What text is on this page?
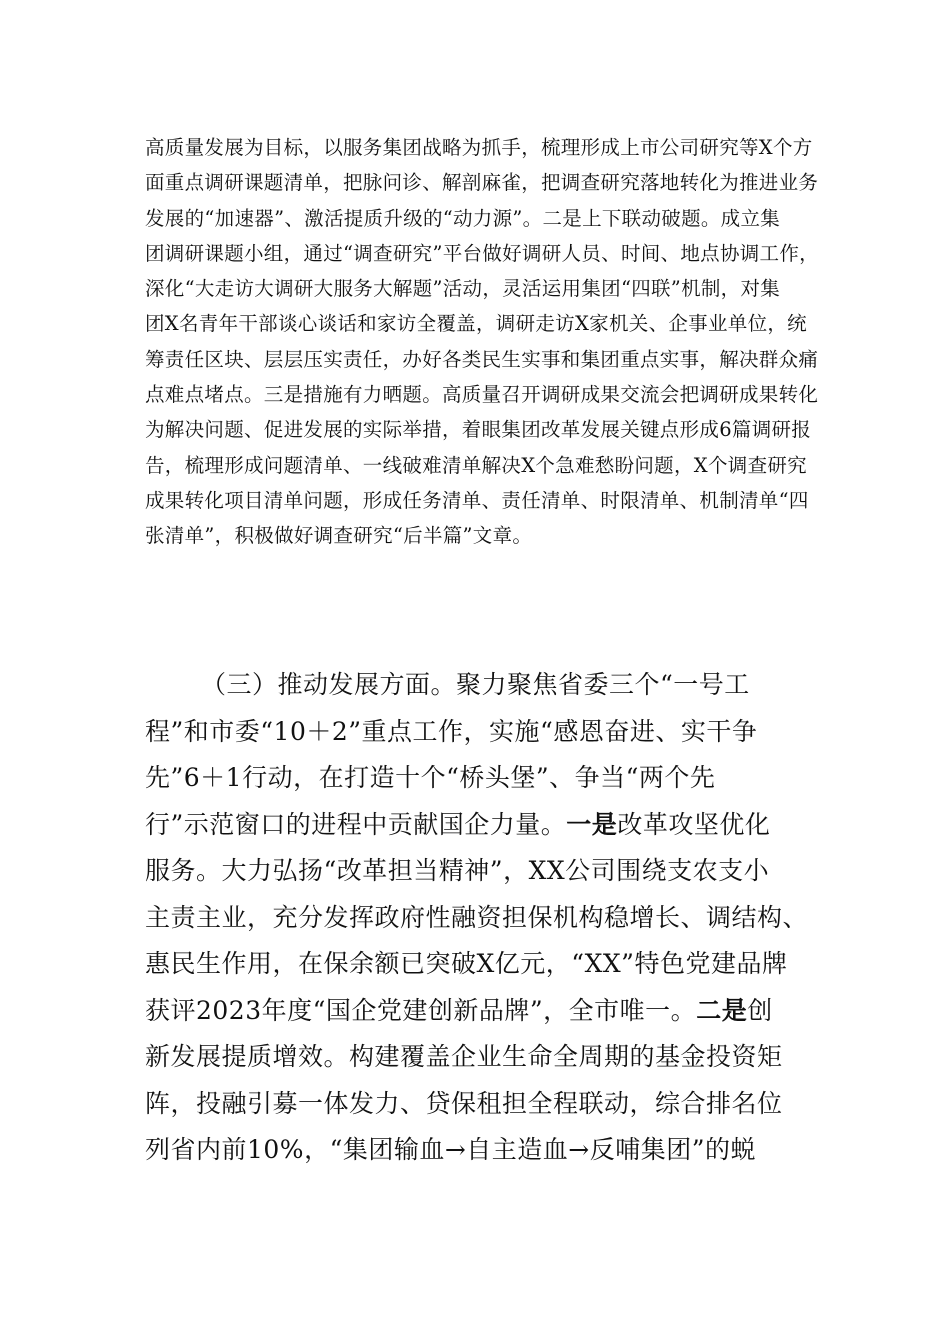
高质量发展为目标，以服务集团战略为抓手，梳理形成上市公司研究等X个方
面重点调研课题清单，把脉问诊、解剖麻雀，把调查研究落地转化为推进业务
发展的“加速器”、激活提质升级的“动力源”。二是上下联动破题。成立集
团调研课题小组，通过“调查研究”平台做好调研人员、时间、地点协调工作，
深化“大走访大调研大服务大解题”活动，灵活运用集团“四联”机制，对集
团X名青年干部谈心谈话和家访全覆盖，调研走访X家机关、企事业单位，统
筹责任区块、层层压实责任，办好各类民生实事和集团重点实事，解决群众痛
点难点堵点。三是措施有力晒题。高质量召开调研成果交流会把调研成果转化
为解决问题、促进发展的实际举措，着眼集团改革发展关键点形成6篇调研报
告，梳理形成问题清单、一线破难清单解决X个急难愁盼问题，X个调查研究
成果转化项目清单问题，形成任务清单、责任清单、时限清单、机制清单“四
张清单”，积极做好调查研究“后半篇”文章。
（三）推动发展方面。聚力聚焦省委三个“一号工
程”和市委“10＋2”重点工作，实施“感恩奋进、实干争
先”6＋1行动，在打造十个“桥头堡”、争当“两个先
行”示范窗口的进程中贡献国企力量。一是改革攻坚优化
服务。大力弘扬“改革担当精神”，XX公司围绕支农支小
主责主业，充分发挥政府性融资担保机构稳增长、调结构、
惠民生作用，在保余额已突破X亿元，“XX”特色党建品牌
获评2023年度“国企党建创新品牌”，全市唯一。二是创
新发展提质增效。构建覆盖企业生命全周期的基金投资矩
阵，投融引募一体发力、贷保租担全程联动，综合排名位
列省内前10%，“集团输血→自主造血→反哺集团”的蜕
